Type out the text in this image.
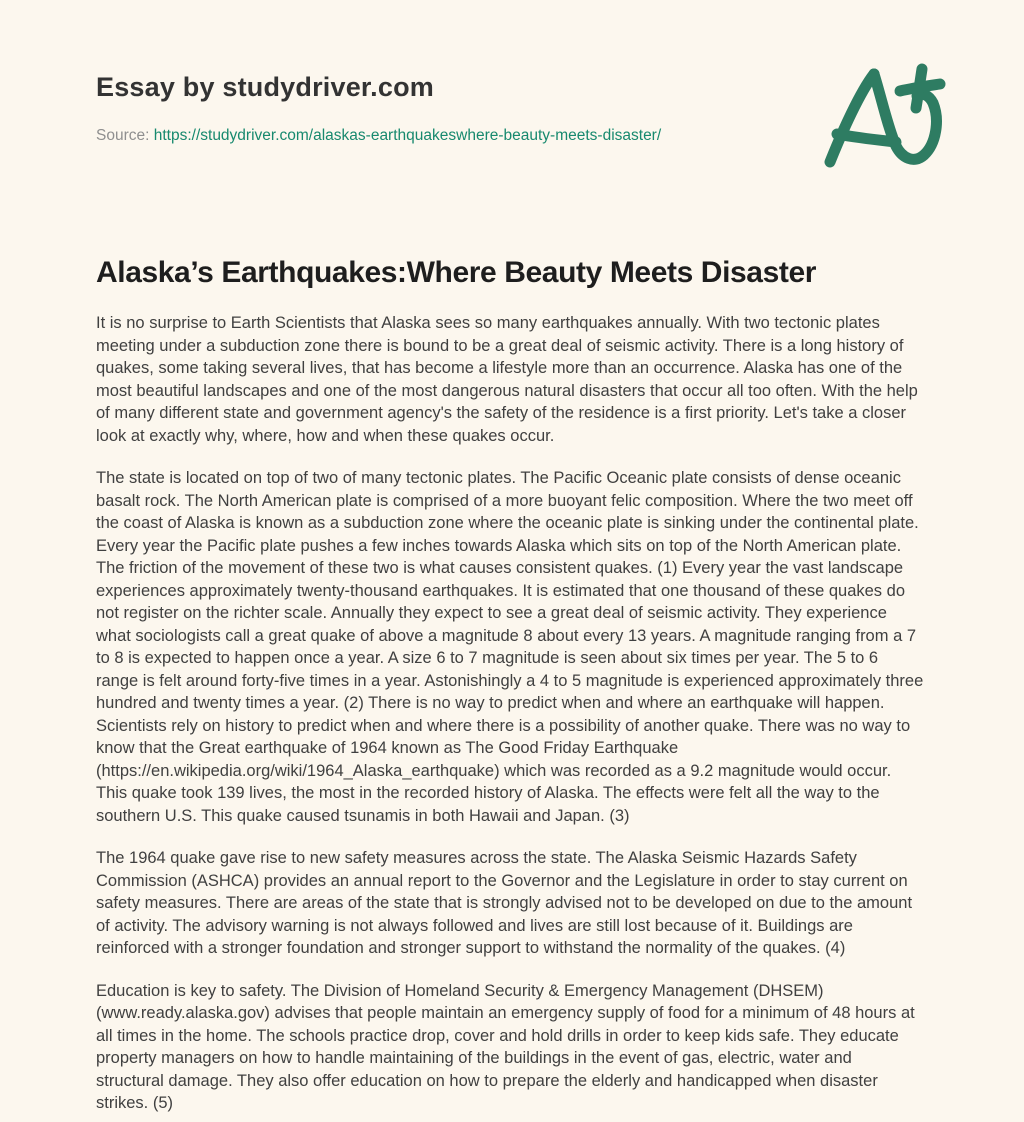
Essay by studydriver.com
Source: https://studydriver.com/alaskas-earthquakeswhere-beauty-meets-disaster/
Alaska’s Earthquakes:Where Beauty Meets Disaster

It is no surprise to Earth Scientists that Alaska sees so many earthquakes annually. With two tectonic plates meeting under a subduction zone there is bound to be a great deal of seismic activity. There is a long history of quakes, some taking several lives, that has become a lifestyle more than an occurrence. Alaska has one of the most beautiful landscapes and one of the most dangerous natural disasters that occur all too often. With the help of many different state and government agency's the safety of the residence is a first priority. Let's take a closer look at exactly why, where, how and when these quakes occur.

The state is located on top of two of many tectonic plates. The Pacific Oceanic plate consists of dense oceanic basalt rock. The North American plate is comprised of a more buoyant felic composition. Where the two meet off the coast of Alaska is known as a subduction zone where the oceanic plate is sinking under the continental plate. Every year the Pacific plate pushes a few inches towards Alaska which sits on top of the North American plate. The friction of the movement of these two is what causes consistent quakes. (1) Every year the vast landscape experiences approximately twenty-thousand earthquakes. It is estimated that one thousand of these quakes do not register on the richter scale. Annually they expect to see a great deal of seismic activity. They experience what sociologists call a great quake of above a magnitude 8 about every 13 years. A magnitude ranging from a 7 to 8 is expected to happen once a year. A size 6 to 7 magnitude is seen about six times per year. The 5 to 6 range is felt around forty-five times in a year. Astonishingly a 4 to 5 magnitude is experienced approximately three hundred and twenty times a year. (2) There is no way to predict when and where an earthquake will happen. Scientists rely on history to predict when and where there is a possibility of another quake. There was no way to know that the Great earthquake of 1964 known as The Good Friday Earthquake (https://en.wikipedia.org/wiki/1964_Alaska_earthquake) which was recorded as a 9.2 magnitude would occur. This quake took 139 lives, the most in the recorded history of Alaska. The effects were felt all the way to the southern U.S. This quake caused tsunamis in both Hawaii and Japan. (3)

The 1964 quake gave rise to new safety measures across the state. The Alaska Seismic Hazards Safety Commission (ASHCA) provides an annual report to the Governor and the Legislature in order to stay current on safety measures. There are areas of the state that is strongly advised not to be developed on due to the amount of activity. The advisory warning is not always followed and lives are still lost because of it. Buildings are reinforced with a stronger foundation and stronger support to withstand the normality of the quakes. (4)

Education is key to safety. The Division of Homeland Security & Emergency Management (DHSEM) (www.ready.alaska.gov) advises that people maintain an emergency supply of food for a minimum of 48 hours at all times in the home. The schools practice drop, cover and hold drills in order to keep kids safe. They educate property managers on how to handle maintaining of the buildings in the event of gas, electric, water and structural damage. They also offer education on how to prepare the elderly and handicapped when disaster strikes. (5)
